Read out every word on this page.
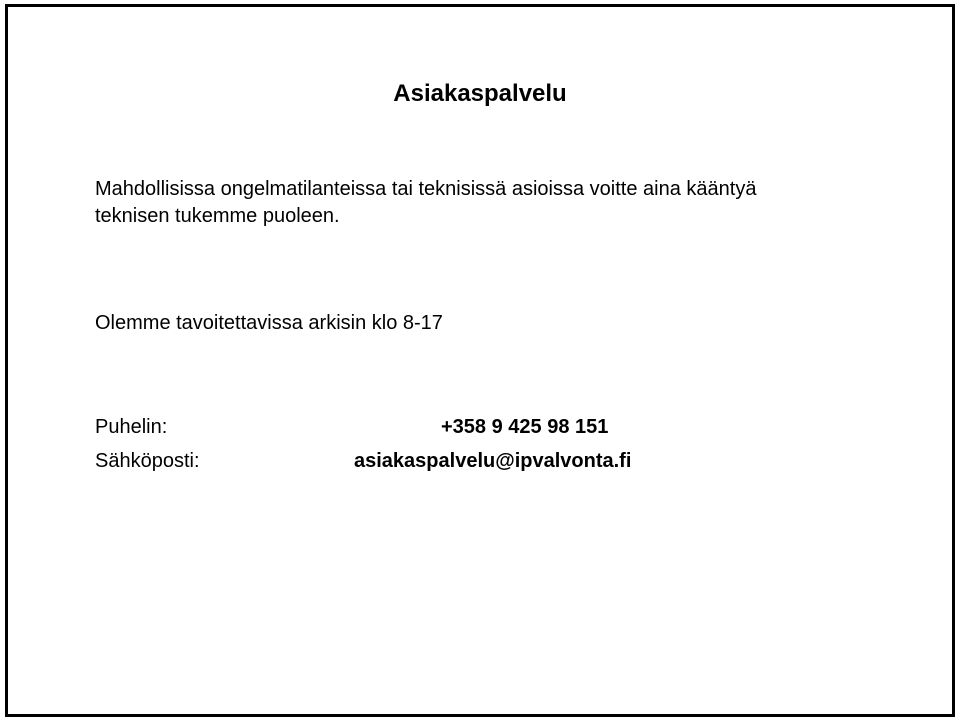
Asiakaspalvelu
Mahdollisissa ongelmatilanteissa tai teknisissä asioissa voitte aina kääntyä
teknisen tukemme puoleen.
Olemme tavoitettavissa arkisin klo 8-17
Puhelin:	+358 9 425 98 151
Sähköposti:	asiakaspalvelu@ipvalvonta.fi
